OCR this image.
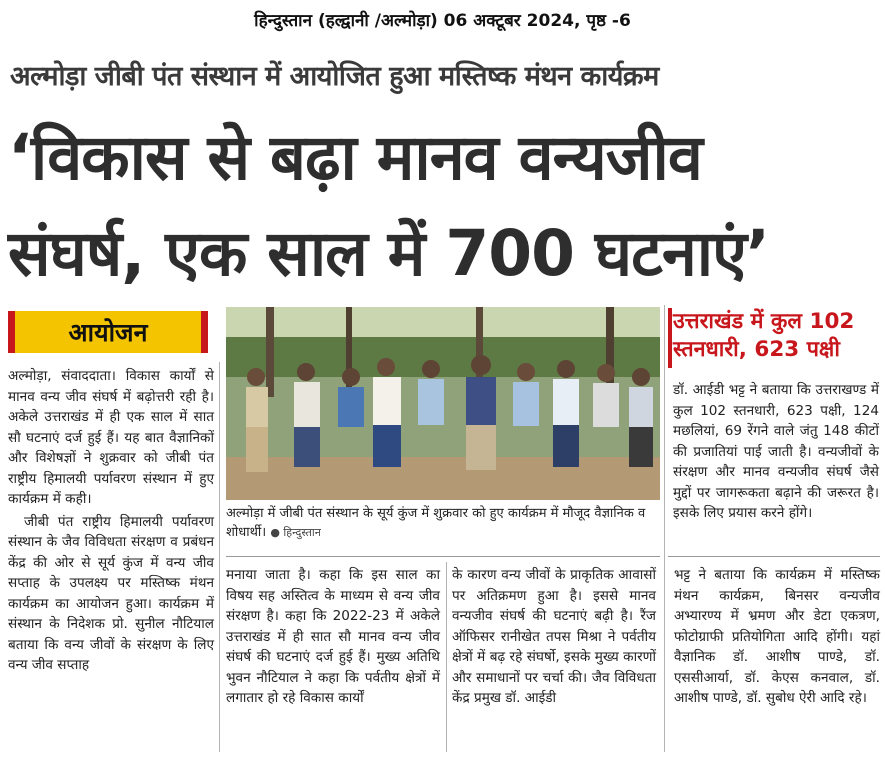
हिन्दुस्तान (हल्द्वानी /अल्मोड़ा) 06 अक्टूबर 2024, पृष्ठ -6
अल्मोड़ा जीबी पंत संस्थान में आयोजित हुआ मस्तिष्क मंथन कार्यक्रम
‘विकास से बढ़ा मानव वन्यजीव
संघर्ष, एक साल में 700 घटनाएं’
आयोजन

अल्मोड़ा, संवाददाता। विकास कार्यों से मानव वन्य जीव संघर्ष में बढ़ोत्तरी रही है। अकेले उत्तराखंड में ही एक साल में सात सौ घटनाएं दर्ज हुई हैं। यह बात वैज्ञानिकों और विशेषज्ञों ने शुक्रवार को जीबी पंत राष्ट्रीय हिमालयी पर्यावरण संस्थान में हुए कार्यक्रम में कही।

जीबी पंत राष्ट्रीय हिमालयी पर्यावरण संस्थान के जैव विविधता संरक्षण व प्रबंधन केंद्र की ओर से सूर्य कुंज में वन्य जीव सप्ताह के उपलक्ष्य पर मस्तिष्क मंथन कार्यक्रम का आयोजन हुआ। कार्यक्रम में संस्थान के निदेशक प्रो. सुनील नौटियाल बताया कि वन्य जीवों के संरक्षण के लिए वन्य जीव सप्ताह

अल्मोड़ा में जीबी पंत संस्थान के सूर्य कुंज में शुक्रवार को हुए कार्यक्रम में मौजूद वैज्ञानिक व शोधार्थी। ● हिन्दुस्तान

मनाया जाता है। कहा कि इस साल का विषय सह अस्तित्व के माध्यम से वन्य जीव संरक्षण है। कहा कि 2022-23 में अकेले उत्तराखंड में ही सात सौ मानव वन्य जीव संघर्ष की घटनाएं दर्ज हुई हैं। मुख्य अतिथि भुवन नौटियाल ने कहा कि पर्वतीय क्षेत्रों में लगातार हो रहे विकास कार्यों

के कारण वन्य जीवों के प्राकृतिक आवासों पर अतिक्रमण हुआ है। इससे मानव वन्यजीव संघर्ष की घटनाएं बढ़ी है। रैंज ऑफिसर रानीखेत तपस मिश्रा ने पर्वतीय क्षेत्रों में बढ़ रहे संघर्षो, इसके मुख्य कारणों और समाधानों पर चर्चा की। जैव विविधता केंद्र प्रमुख डॉ. आईडी

उत्तराखंड में कुल 102
स्तनधारी, 623 पक्षी

डॉ. आईडी भट्ट ने बताया कि उत्तराखण्ड में कुल 102 स्तनधारी, 623 पक्षी, 124 मछलियां, 69 रेंगने वाले जंतु 148 कीटों की प्रजातियां पाई जाती है। वन्यजीवों के संरक्षण और मानव वन्यजीव संघर्ष जैसे मुद्दों पर जागरूकता बढ़ाने की जरूरत है। इसके लिए प्रयास करने होंगे।

भट्ट ने बताया कि कार्यक्रम में मस्तिष्क मंथन कार्यक्रम, बिनसर वन्यजीव अभ्यारण्य में भ्रमण और डेटा एकत्रण, फोटोग्राफी प्रतियोगिता आदि होंगी। यहां वैज्ञानिक डॉ. आशीष पाण्डे, डॉ. एससीआर्या, डॉ. केएस कनवाल, डॉ. आशीष पाण्डे, डॉ. सुबोध ऐरी आदि रहे।
